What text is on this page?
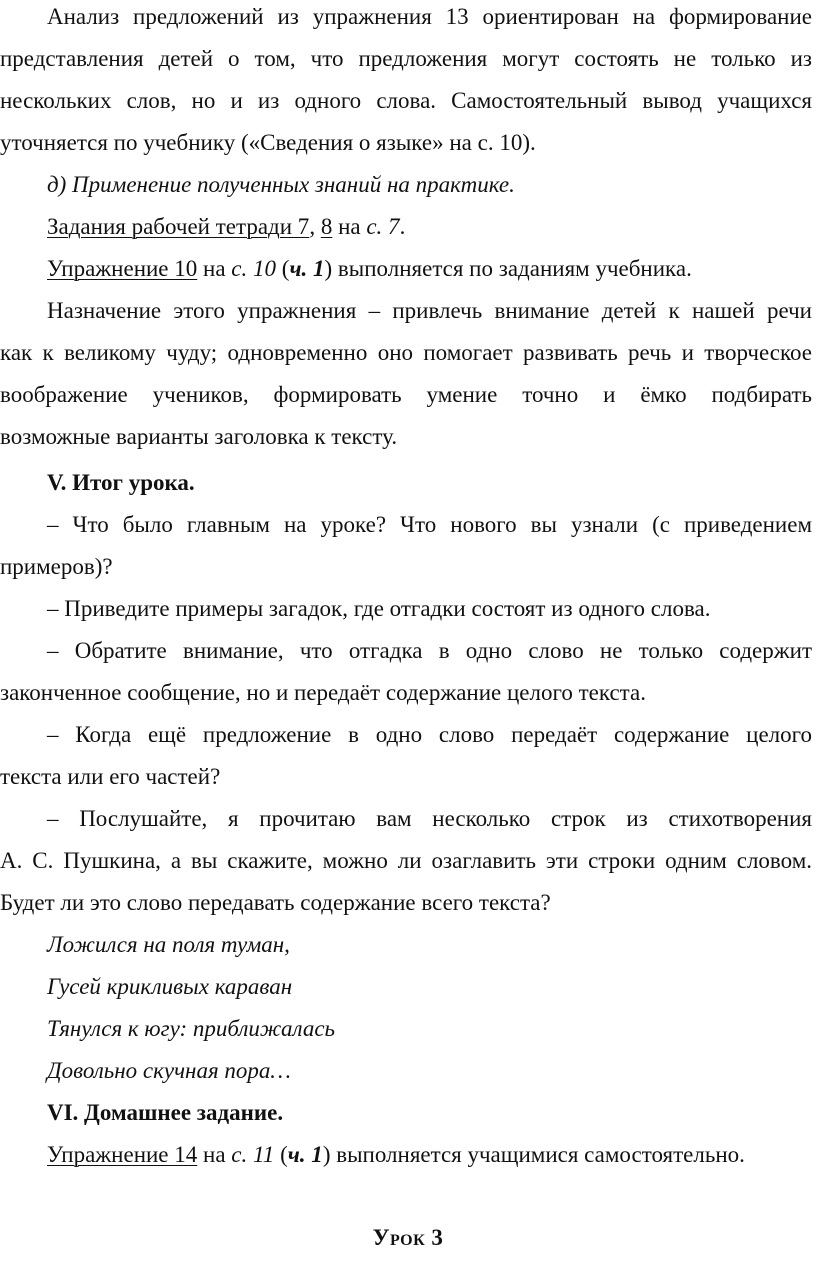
Анализ предложений из упражнения 13 ориентирован на формирование
представления детей о том, что предложения могут состоять не только из
нескольких слов, но и из одного слова. Самостоятельный вывод учащихся
уточняется по учебнику («Сведения о языке» на с. 10).
д) Применение полученных знаний на практике.
Задания рабочей тетради 7, 8 на с. 7.
Упражнение 10 на с. 10 (ч. 1) выполняется по заданиям учебника.
Назначение этого упражнения – привлечь внимание детей к нашей речи
как к великому чуду; одновременно оно помогает развивать речь и творческое
воображение учеников, формировать умение точно и ёмко подбирать
возможные варианты заголовка к тексту.
V. Итог урока.
– Что было главным на уроке? Что нового вы узнали (с приведением
примеров)?
– Приведите примеры загадок, где отгадки состоят из одного слова.
– Обратите внимание, что отгадка в одно слово не только содержит
законченное сообщение, но и передаёт содержание целого текста.
– Когда ещё предложение в одно слово передаёт содержание целого
текста или его частей?
– Послушайте, я прочитаю вам несколько строк из стихотворения
А. С. Пушкина, а вы скажите, можно ли озаглавить эти строки одним словом.
Будет ли это слово передавать содержание всего текста?
Ложился на поля туман,
Гусей крикливых караван
Тянулся к югу: приближалась
Довольно скучная пора…
VI. Домашнее задание.
Упражнение 14 на с. 11 (ч. 1) выполняется учащимися самостоятельно.
Урок 3
